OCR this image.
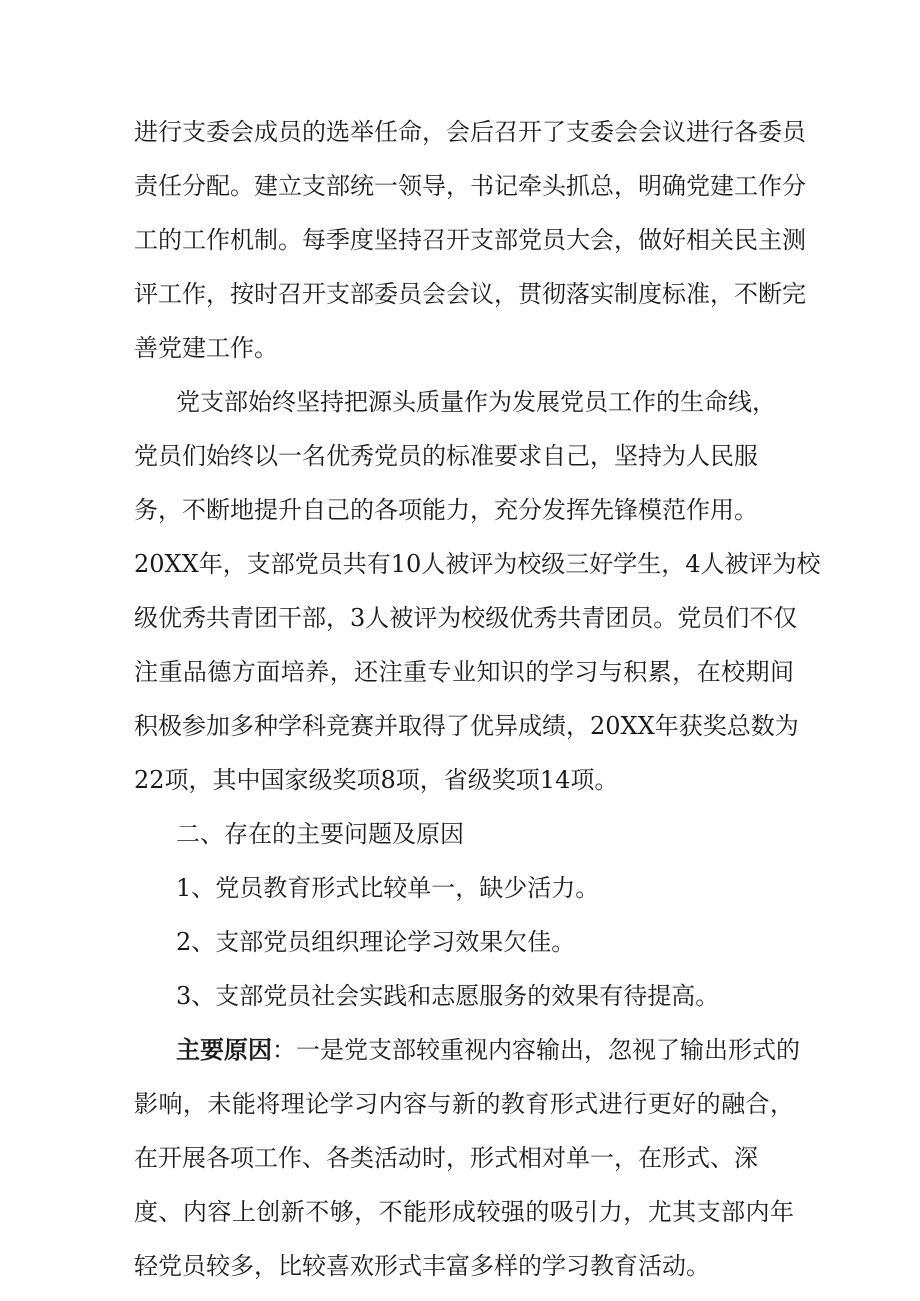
进行支委会成员的选举任命，会后召开了支委会会议进行各委员
责任分配。建立支部统一领导，书记牵头抓总，明确党建工作分
工的工作机制。每季度坚持召开支部党员大会，做好相关民主测
评工作，按时召开支部委员会会议，贯彻落实制度标准，不断完
善党建工作。
党支部始终坚持把源头质量作为发展党员工作的生命线，
党员们始终以一名优秀党员的标准要求自己，坚持为人民服
务，不断地提升自己的各项能力，充分发挥先锋模范作用。
20XX年，支部党员共有10人被评为校级三好学生，4人被评为校
级优秀共青团干部，3人被评为校级优秀共青团员。党员们不仅
注重品德方面培养，还注重专业知识的学习与积累，在校期间
积极参加多种学科竞赛并取得了优异成绩，20XX年获奖总数为
22项，其中国家级奖项8项，省级奖项14项。
二、存在的主要问题及原因
1、党员教育形式比较单一，缺少活力。
2、支部党员组织理论学习效果欠佳。
3、支部党员社会实践和志愿服务的效果有待提高。
主要原因：一是党支部较重视内容输出，忽视了输出形式的
影响，未能将理论学习内容与新的教育形式进行更好的融合，
在开展各项工作、各类活动时，形式相对单一，在形式、深
度、内容上创新不够，不能形成较强的吸引力，尤其支部内年
轻党员较多，比较喜欢形式丰富多样的学习教育活动。
